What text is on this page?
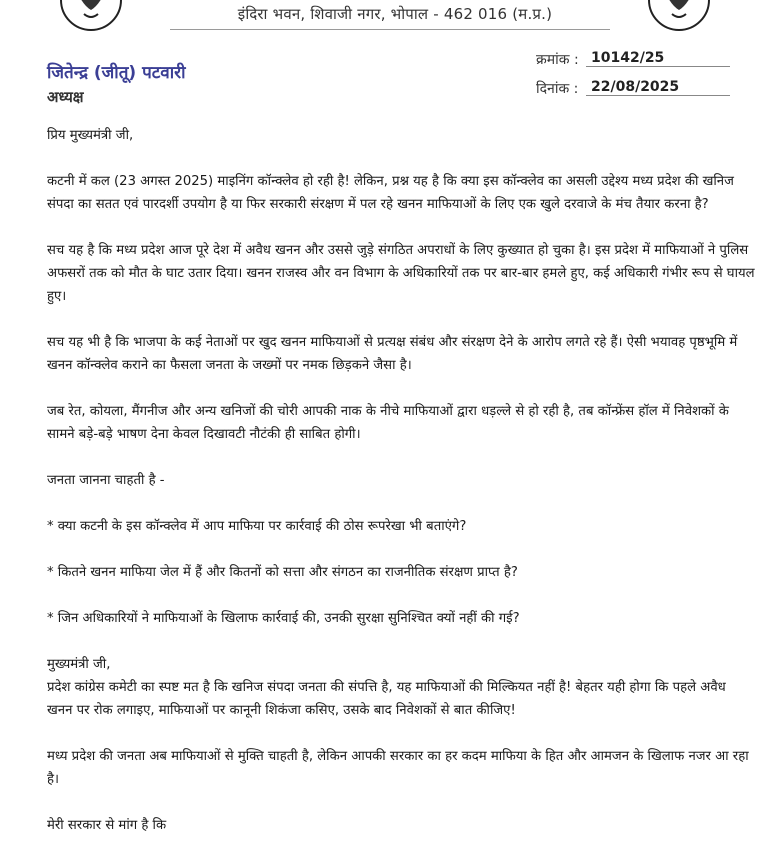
इंदिरा भवन, शिवाजी नगर, भोपाल - 462 016 (म.प्र.)
जितेन्द्र (जीतू) पटवारी
अध्यक्ष
क्रमांक : 10142/25
दिनांक : 22/08/2025

प्रिय मुख्यमंत्री जी,

कटनी में कल (23 अगस्त 2025) माइनिंग कॉन्क्लेव हो रही है! लेकिन, प्रश्न यह है कि क्या इस कॉन्क्लेव का असली उद्देश्य मध्य प्रदेश की खनिज संपदा का सतत एवं पारदर्शी उपयोग है या फिर सरकारी संरक्षण में पल रहे खनन माफियाओं के लिए एक खुले दरवाजे के मंच तैयार करना है?

सच यह है कि मध्य प्रदेश आज पूरे देश में अवैध खनन और उससे जुड़े संगठित अपराधों के लिए कुख्यात हो चुका है। इस प्रदेश में माफियाओं ने पुलिस अफसरों तक को मौत के घाट उतार दिया। खनन राजस्व और वन विभाग के अधिकारियों तक पर बार-बार हमले हुए, कई अधिकारी गंभीर रूप से घायल हुए।

सच यह भी है कि भाजपा के कई नेताओं पर खुद खनन माफियाओं से प्रत्यक्ष संबंध और संरक्षण देने के आरोप लगते रहे हैं। ऐसी भयावह पृष्ठभूमि में खनन कॉन्क्लेव कराने का फैसला जनता के जख्मों पर नमक छिड़कने जैसा है।

जब रेत, कोयला, मैंगनीज और अन्य खनिजों की चोरी आपकी नाक के नीचे माफियाओं द्वारा धड़ल्ले से हो रही है, तब कॉन्फ्रेंस हॉल में निवेशकों के सामने बड़े-बड़े भाषण देना केवल दिखावटी नौटंकी ही साबित होगी।

जनता जानना चाहती है -

* क्या कटनी के इस कॉन्क्लेव में आप माफिया पर कार्रवाई की ठोस रूपरेखा भी बताएंगे?

* कितने खनन माफिया जेल में हैं और कितनों को सत्ता और संगठन का राजनीतिक संरक्षण प्राप्त है?

* जिन अधिकारियों ने माफियाओं के खिलाफ कार्रवाई की, उनकी सुरक्षा सुनिश्चित क्यों नहीं की गई?

मुख्यमंत्री जी,

प्रदेश कांग्रेस कमेटी का स्पष्ट मत है कि खनिज संपदा जनता की संपत्ति है, यह माफियाओं की मिल्कियत नहीं है! बेहतर यही होगा कि पहले अवैध खनन पर रोक लगाइए, माफियाओं पर कानूनी शिकंजा कसिए, उसके बाद निवेशकों से बात कीजिए!

मध्य प्रदेश की जनता अब माफियाओं से मुक्ति चाहती है, लेकिन आपकी सरकार का हर कदम माफिया के हित और आमजन के खिलाफ नजर आ रहा है।

मेरी सरकार से मांग है कि
